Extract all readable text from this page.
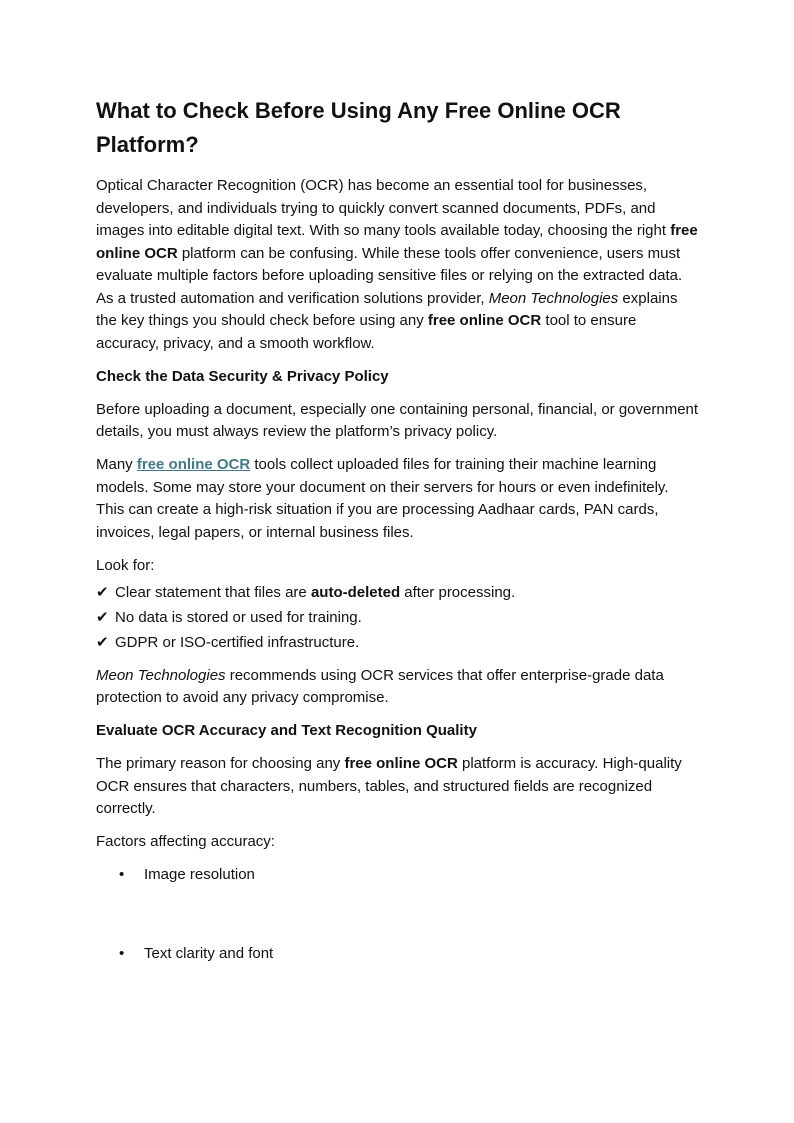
What to Check Before Using Any Free Online OCR Platform?

Optical Character Recognition (OCR) has become an essential tool for businesses, developers, and individuals trying to quickly convert scanned documents, PDFs, and images into editable digital text. With so many tools available today, choosing the right free online OCR platform can be confusing. While these tools offer convenience, users must evaluate multiple factors before uploading sensitive files or relying on the extracted data. As a trusted automation and verification solutions provider, Meon Technologies explains the key things you should check before using any free online OCR tool to ensure accuracy, privacy, and a smooth workflow.

Check the Data Security & Privacy Policy

Before uploading a document, especially one containing personal, financial, or government details, you must always review the platform’s privacy policy.

Many free online OCR tools collect uploaded files for training their machine learning models. Some may store your document on their servers for hours or even indefinitely. This can create a high-risk situation if you are processing Aadhaar cards, PAN cards, invoices, legal papers, or internal business files.

Look for:

✔ Clear statement that files are auto-deleted after processing.
✔ No data is stored or used for training.
✔ GDPR or ISO-certified infrastructure.

Meon Technologies recommends using OCR services that offer enterprise-grade data protection to avoid any privacy compromise.

Evaluate OCR Accuracy and Text Recognition Quality

The primary reason for choosing any free online OCR platform is accuracy. High-quality OCR ensures that characters, numbers, tables, and structured fields are recognized correctly.

Factors affecting accuracy:

• Image resolution
• Text clarity and font
